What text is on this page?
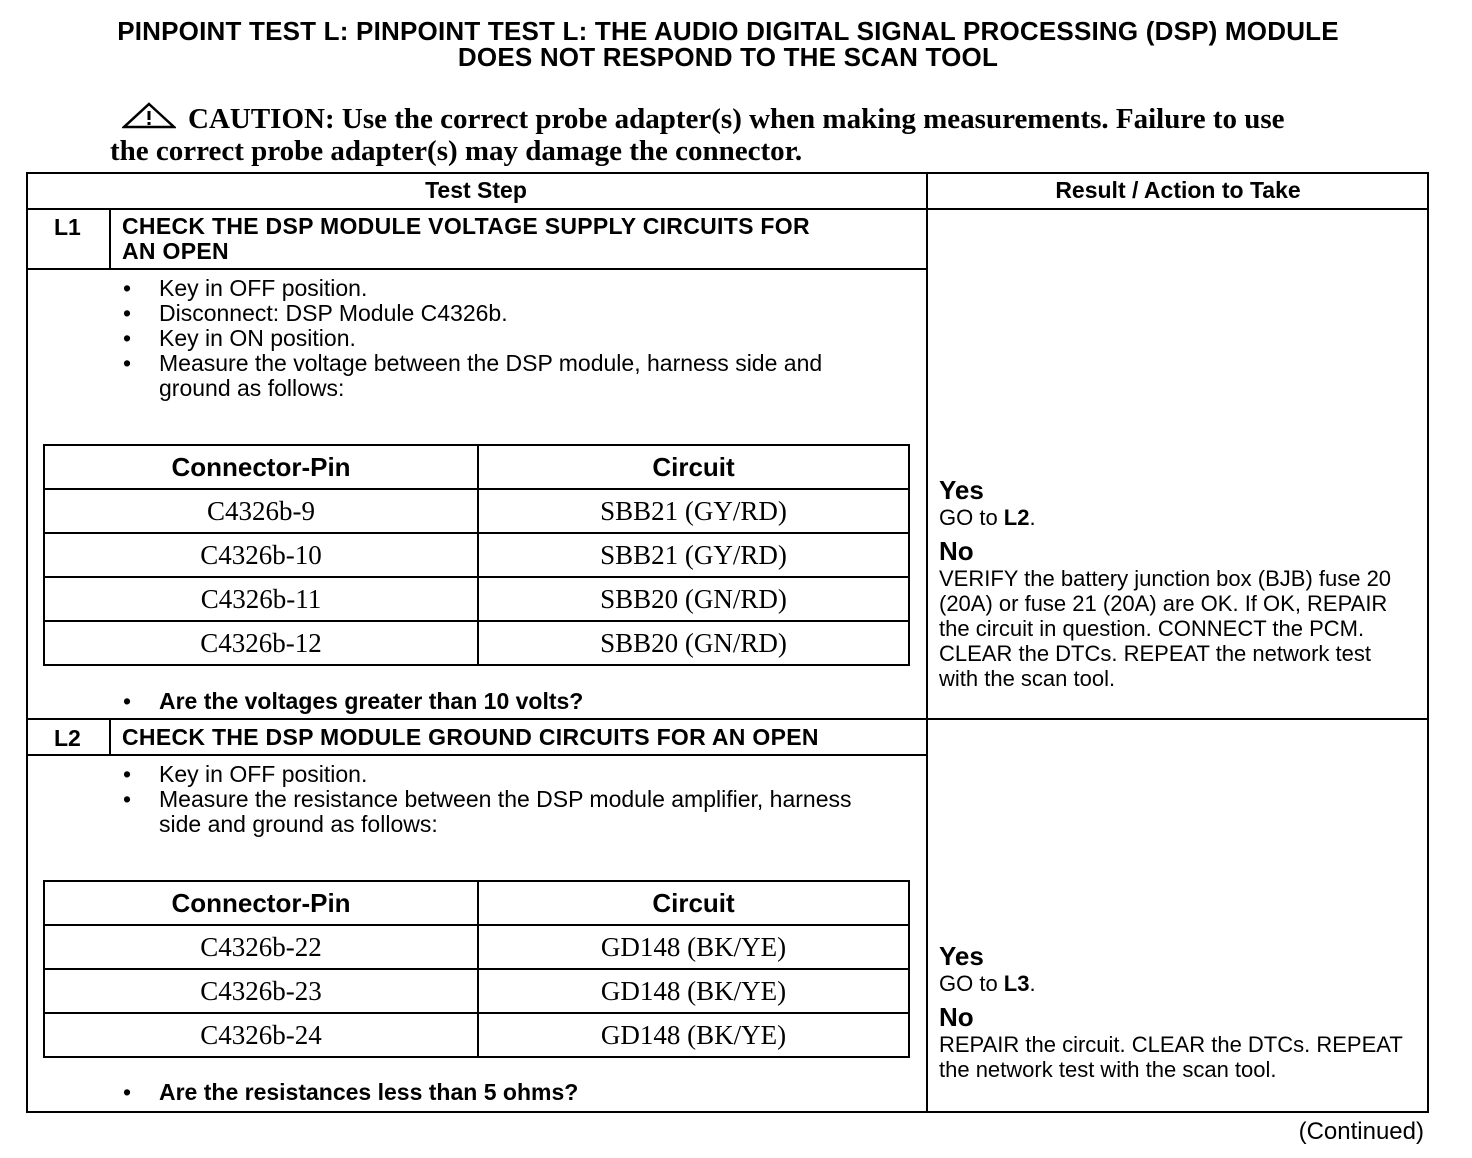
PINPOINT TEST L: PINPOINT TEST L: THE AUDIO DIGITAL SIGNAL PROCESSING (DSP) MODULE
DOES NOT RESPOND TO THE SCAN TOOL
CAUTION: Use the correct probe adapter(s) when making measurements. Failure to use the correct probe adapter(s) may damage the connector.
Test Step	Result / Action to Take
L1 CHECK THE DSP MODULE VOLTAGE SUPPLY CIRCUITS FOR
AN OPEN
• Key in OFF position.
• Disconnect: DSP Module C4326b.
• Key in ON position.
• Measure the voltage between the DSP module, harness side and ground as follows:
Connector-Pin	Circuit
C4326b-9	SBB21 (GY/RD)
C4326b-10	SBB21 (GY/RD)
C4326b-11	SBB20 (GN/RD)
C4326b-12	SBB20 (GN/RD)
• Are the voltages greater than 10 volts?
Yes
GO to L2.
No
VERIFY the battery junction box (BJB) fuse 20 (20A) or fuse 21 (20A) are OK. If OK, REPAIR the circuit in question. CONNECT the PCM. CLEAR the DTCs. REPEAT the network test with the scan tool.
L2 CHECK THE DSP MODULE GROUND CIRCUITS FOR AN OPEN
• Key in OFF position.
• Measure the resistance between the DSP module amplifier, harness side and ground as follows:
Connector-Pin	Circuit
C4326b-22	GD148 (BK/YE)
C4326b-23	GD148 (BK/YE)
C4326b-24	GD148 (BK/YE)
• Are the resistances less than 5 ohms?
Yes
GO to L3.
No
REPAIR the circuit. CLEAR the DTCs. REPEAT the network test with the scan tool.
(Continued)
